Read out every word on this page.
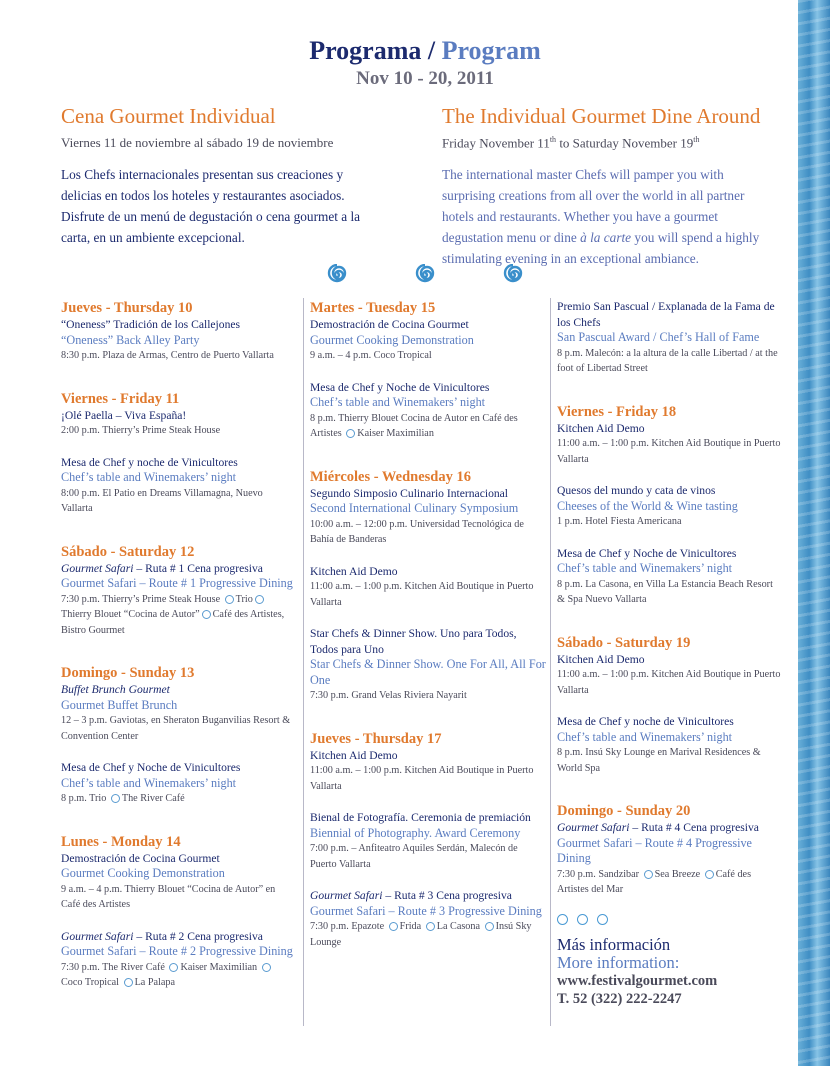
Programa / Program
Nov 10 - 20, 2011
Cena Gourmet Individual

Viernes 11 de noviembre al sábado 19 de noviembre

Los Chefs internacionales presentan sus creaciones y delicias en todos los hoteles y restaurantes asociados. Disfrute de un menú de degustación o cena gourmet a la carta, en un ambiente excepcional.

The Individual Gourmet Dine Around

Friday November 11th to Saturday November 19th

The international master Chefs will pamper you with surprising creations from all over the world in all partner hotels and restaurants. Whether you have a gourmet degustation menu or dine à la carte you will spend a highly stimulating evening in an exceptional ambiance.

Jueves - Thursday 10

“Oneness” Tradición de los Callejones
“Oneness” Back Alley Party
8:30 p.m. Plaza de Armas, Centro de Puerto Vallarta

Viernes - Friday 11

¡Olé Paella – Viva España!
2:00 p.m. Thierry’s Prime Steak House
Mesa de Chef y noche de Vinicultores
Chef’s table and Winemakers’ night
8:00 p.m. El Patio en Dreams Villamagna, Nuevo Vallarta

Sábado - Saturday 12

Gourmet Safari – Ruta # 1 Cena progresiva
Gourmet Safari – Route # 1 Progressive Dining
7:30 p.m. Thierry’s Prime Steak House Trio Thierry Blouet “Cocina de Autor” Café des Artistes, Bistro Gourmet

Domingo - Sunday 13

Buffet Brunch Gourmet
Gourmet Buffet Brunch
12 – 3 p.m. Gaviotas, en Sheraton Buganvilias Resort & Convention Center
Mesa de Chef y Noche de Vinicultores
Chef’s table and Winemakers’ night
8 p.m. Trio The River Café

Lunes - Monday 14

Demostración de Cocina Gourmet
Gourmet Cooking Demonstration
9 a.m. – 4 p.m. Thierry Blouet “Cocina de Autor” en Café des Artistes
Gourmet Safari – Ruta # 2 Cena progresiva
Gourmet Safari – Route # 2 Progressive Dining
7:30 p.m. The River Café Kaiser Maximilian  Coco Tropical La Palapa

Martes - Tuesday 15

Demostración de Cocina Gourmet
Gourmet Cooking Demonstration
9 a.m. – 4 p.m. Coco Tropical
Mesa de Chef y Noche de Vinicultores
Chef’s table and Winemakers’ night
8 p.m. Thierry Blouet Cocina de Autor en Café des Artistes Kaiser Maximilian

Miércoles - Wednesday 16

Segundo Simposio Culinario Internacional
Second International Culinary Symposium
10:00 a.m. – 12:00 p.m. Universidad Tecnológica de Bahía de Banderas
Kitchen Aid Demo
11:00 a.m. – 1:00 p.m. Kitchen Aid Boutique in Puerto Vallarta
Star Chefs & Dinner Show. Uno para Todos, Todos para Uno
Star Chefs & Dinner Show. One For All, All For One
7:30 p.m. Grand Velas Riviera Nayarit

Jueves - Thursday 17

Kitchen Aid Demo
11:00 a.m. – 1:00 p.m. Kitchen Aid Boutique in Puerto Vallarta
Bienal de Fotografía. Ceremonia de premiación
Biennial of Photography. Award Ceremony
7:00 p.m. – Anfiteatro Aquiles Serdán, Malecón de Puerto Vallarta
Gourmet Safari – Ruta # 3 Cena progresiva
Gourmet Safari – Route # 3 Progressive Dining
7:30 p.m. Epazote Frida La Casona Insú Sky Lounge
Premio San Pascual / Explanada de la Fama de los Chefs
San Pascual Award / Chef’s Hall of Fame
8 p.m. Malecón: a la altura de la calle Libertad / at the foot of Libertad Street

Viernes - Friday 18

Kitchen Aid Demo
11:00 a.m. – 1:00 p.m. Kitchen Aid Boutique in Puerto Vallarta
Quesos del mundo y cata de vinos
Cheeses of the World & Wine tasting
1 p.m. Hotel Fiesta Americana
Mesa de Chef y Noche de Vinicultores
Chef’s table and Winemakers’ night
8 p.m. La Casona, en Villa La Estancia Beach Resort & Spa Nuevo Vallarta

Sábado - Saturday 19

Kitchen Aid Demo
11:00 a.m. – 1:00 p.m. Kitchen Aid Boutique in Puerto Vallarta
Mesa de Chef y noche de Vinicultores
Chef’s table and Winemakers’ night
8 p.m. Insú Sky Lounge en Marival Residences & World Spa

Domingo - Sunday 20

Gourmet Safari – Ruta # 4 Cena progresiva
Gourmet Safari – Route # 4 Progressive Dining
7:30 p.m. Sandzibar Sea Breeze Café des Artistes del Mar
Más información
More information:
www.festivalgourmet.com
T. 52 (322) 222-2247
